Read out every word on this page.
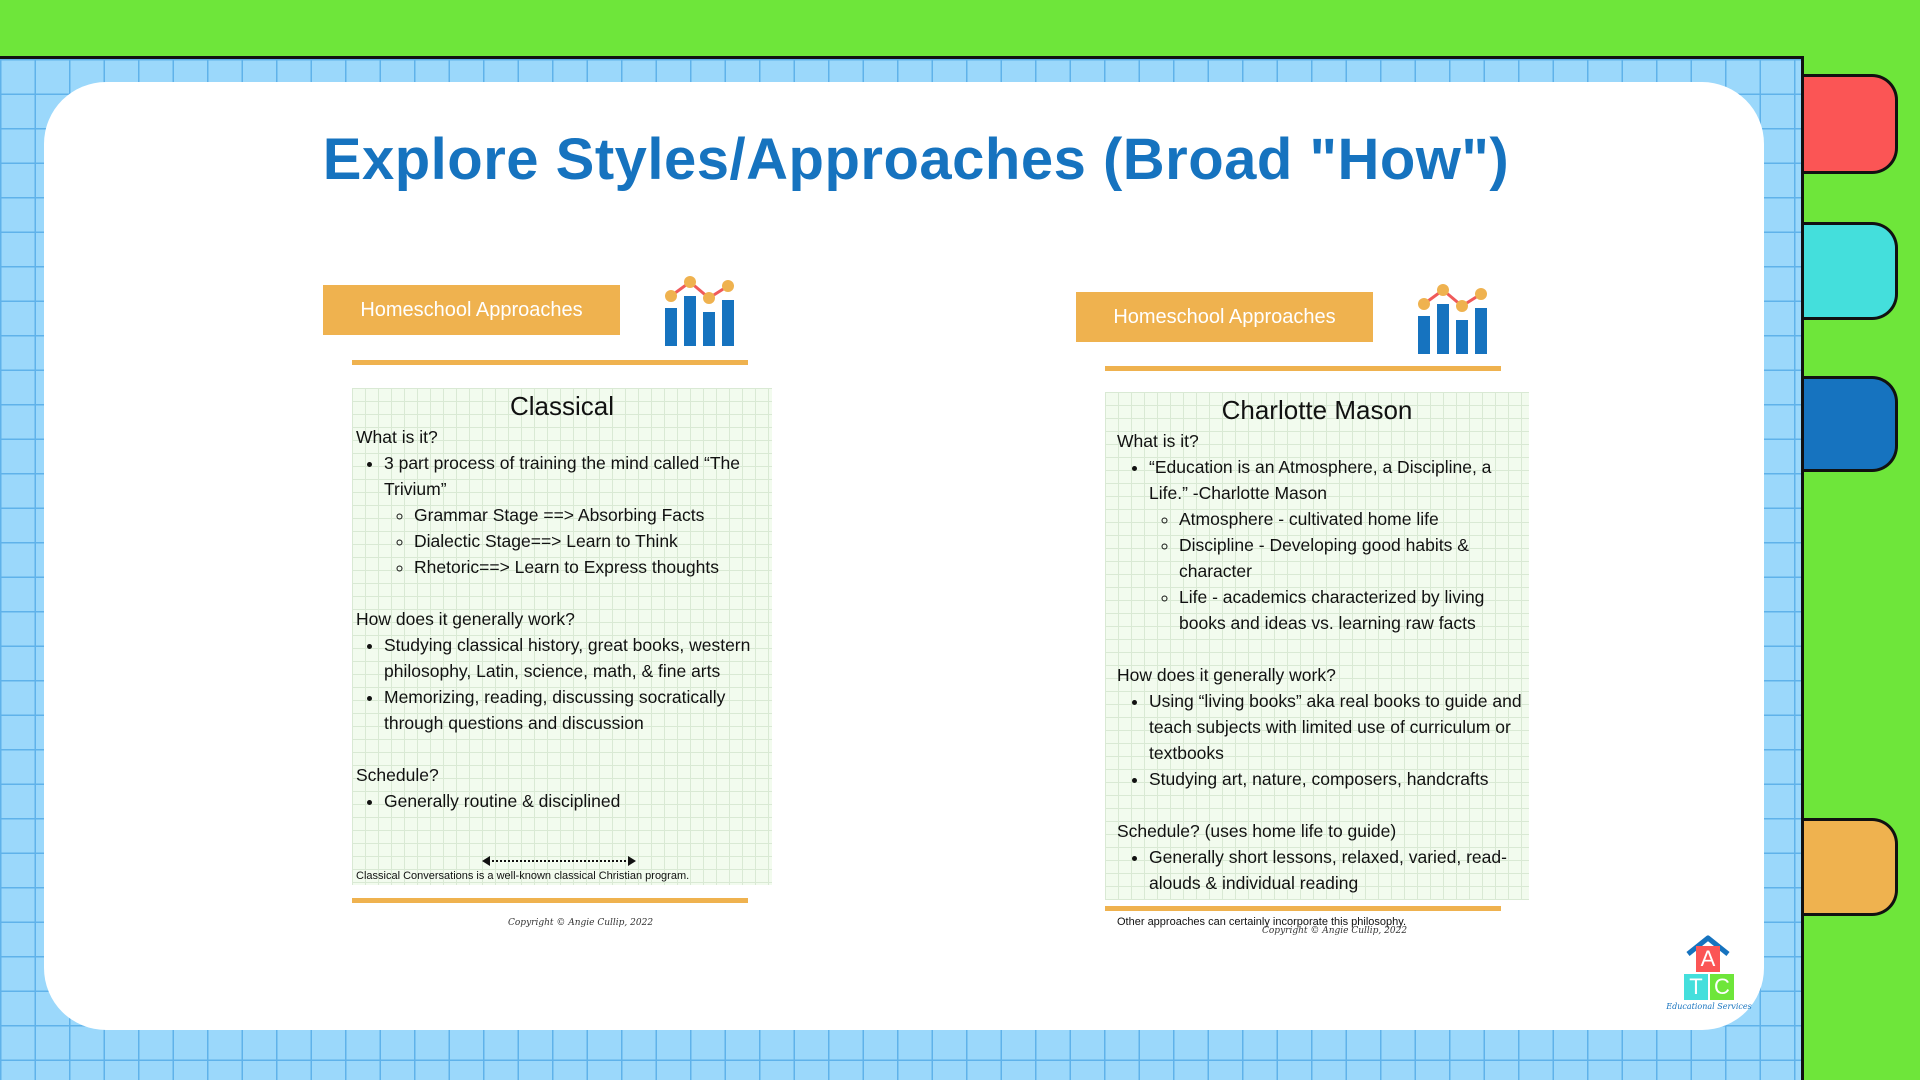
Explore Styles/Approaches (Broad "How")
Homeschool Approaches
Classical

What is it?

• 3 part process of training the mind called “The Trivium”
◦ Grammar Stage ==> Absorbing Facts
◦ Dialectic Stage==> Learn to Think
◦ Rhetoric==> Learn to Express thoughts

How does it generally work?

• Studying classical history, great books, western philosophy, Latin, science, math, & fine arts
• Memorizing, reading, discussing socratically through questions and discussion

Schedule?

• Generally routine & disciplined
Classical Conversations is a well-known classical Christian program.
Copyright © Angie Cullip, 2022
Homeschool Approaches
Charlotte Mason

What is it?

• “Education is an Atmosphere, a Discipline, a Life.” -Charlotte Mason
◦ Atmosphere - cultivated home life
◦ Discipline - Developing good habits & character
◦ Life - academics characterized by living books and ideas vs. learning raw facts

How does it generally work?

• Using “living books” aka real books to guide and teach subjects with limited use of curriculum or textbooks
• Studying art, nature, composers, handcrafts

Schedule? (uses home life to guide)

• Generally short lessons, relaxed, varied, read-alouds & individual reading
Other approaches can certainly incorporate this philosophy.
Copyright © Angie Cullip, 2022
A
T C
Educational Services
